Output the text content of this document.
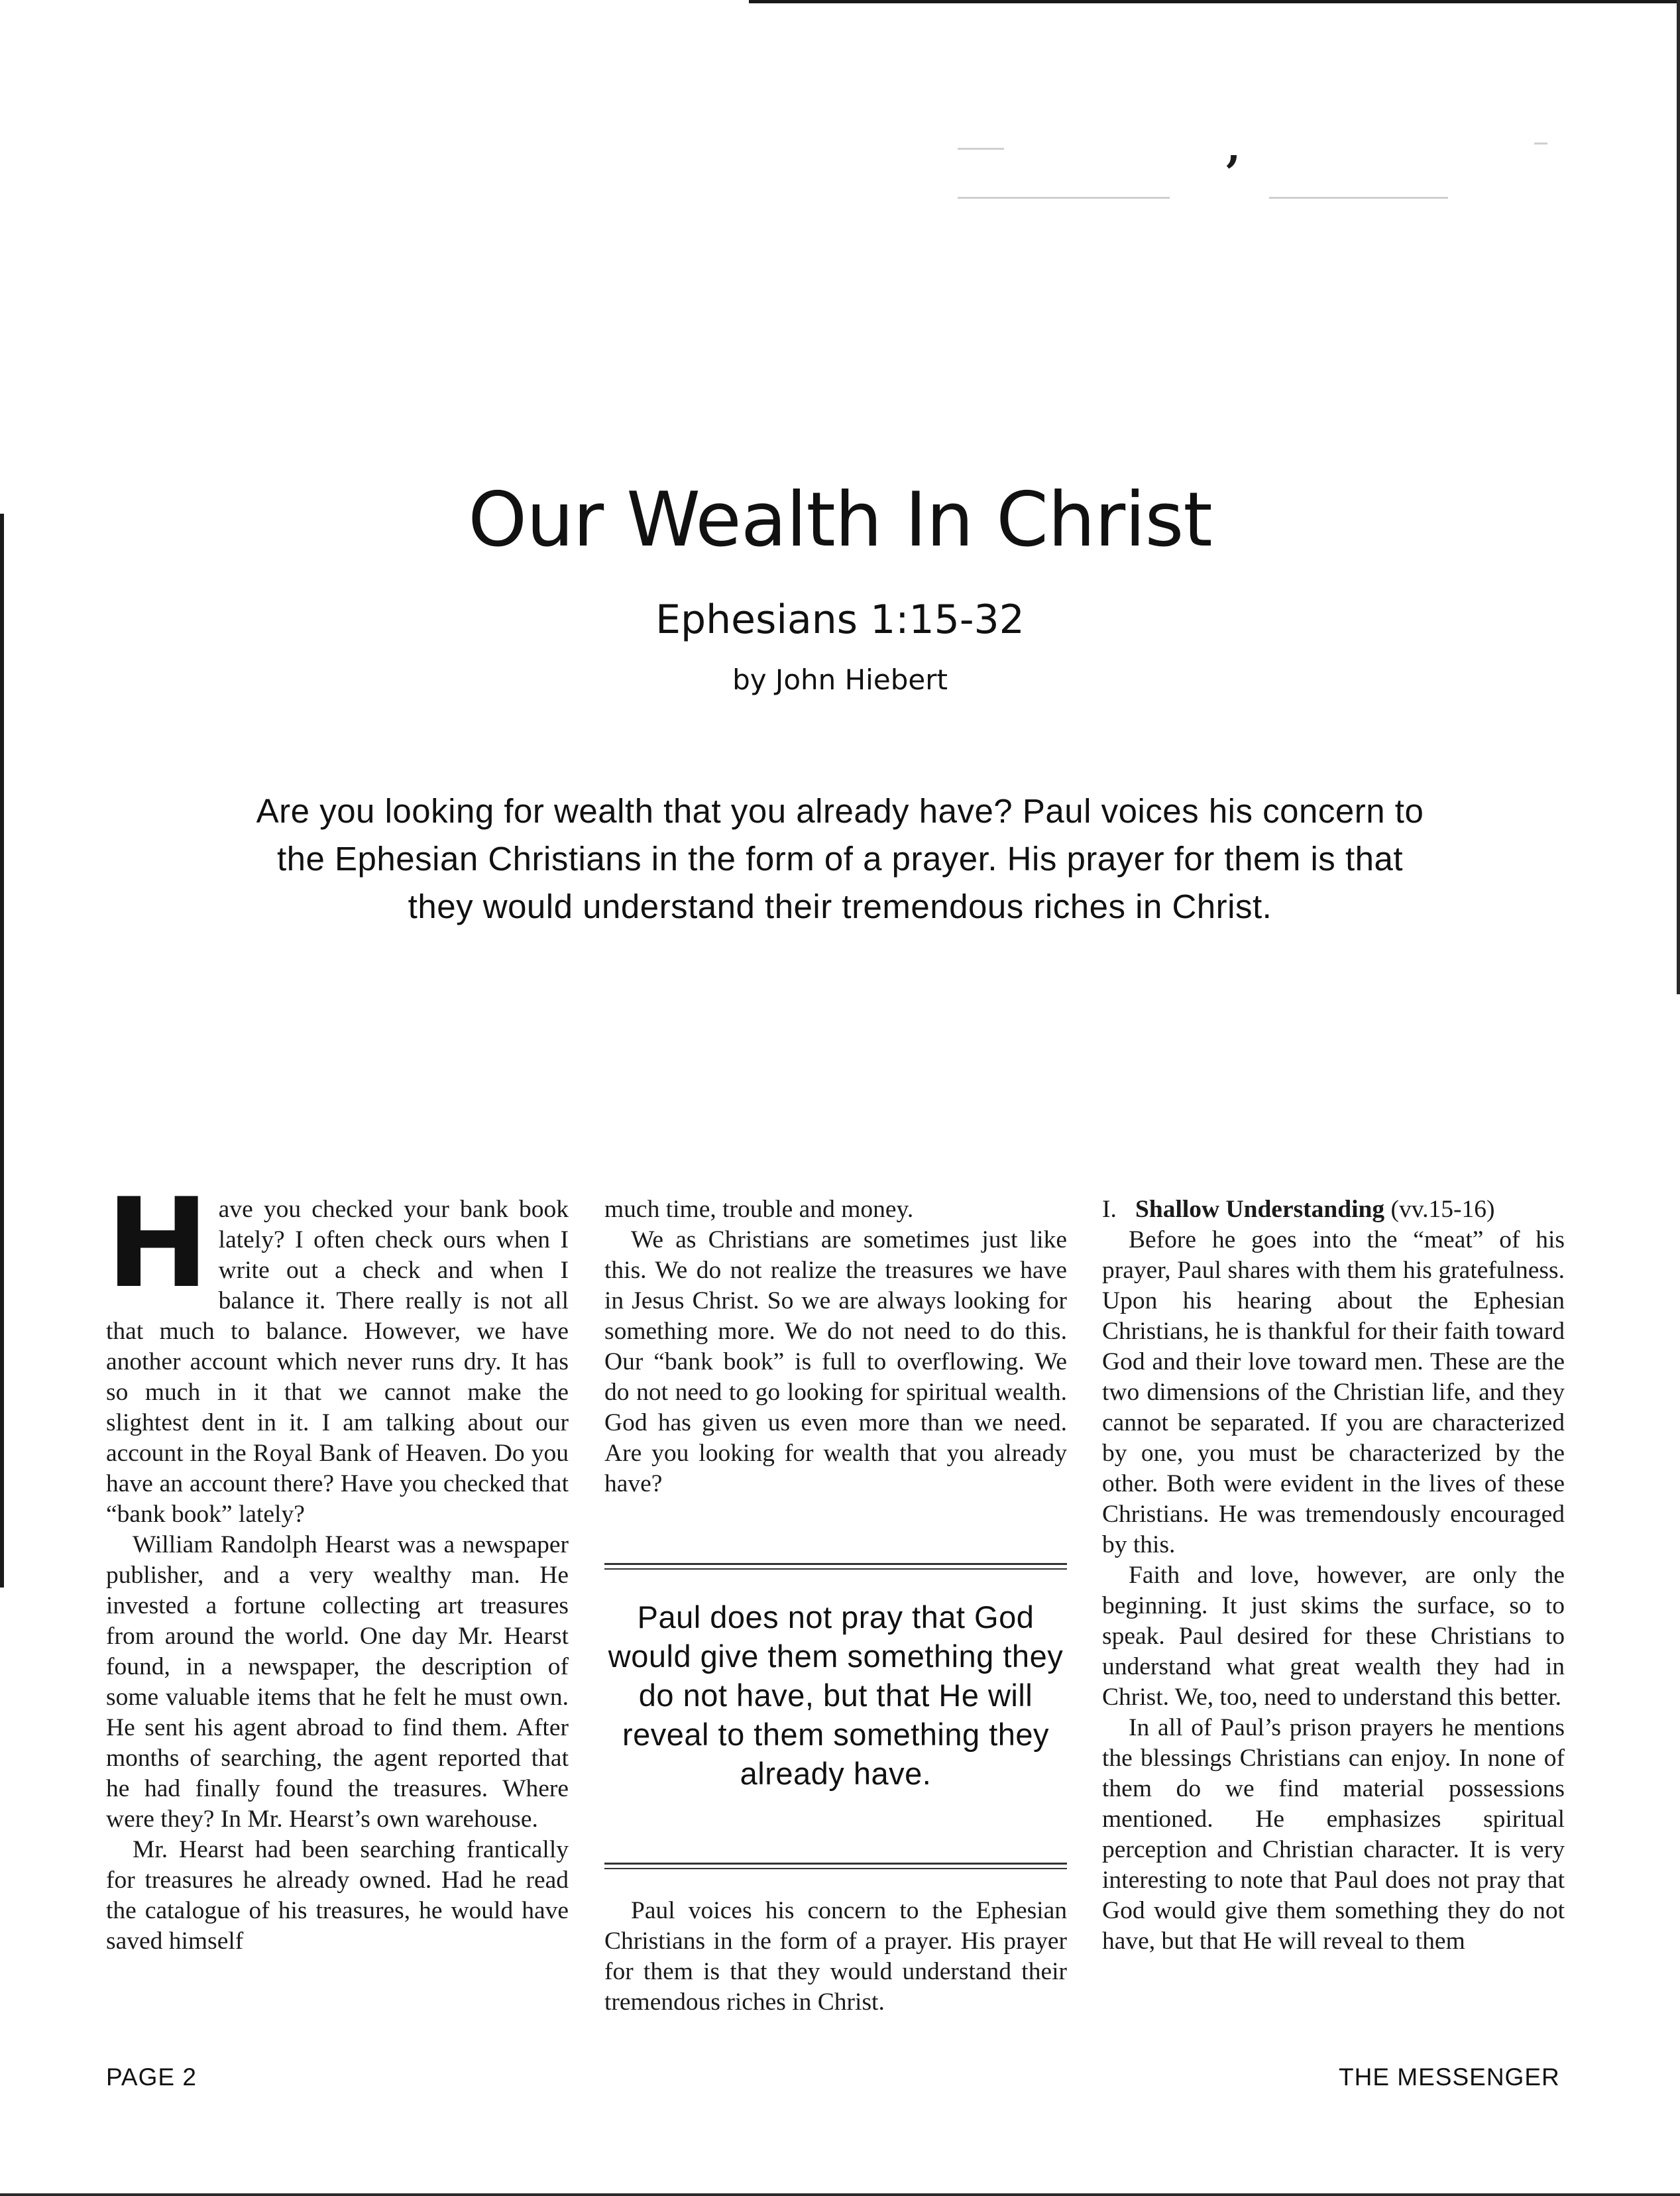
,
Our Wealth In Christ
Ephesians 1:15-32
by John Hiebert
Are you looking for wealth that you already have? Paul voices his concern to the Ephesian Christians in the form of a prayer. His prayer for them is that they would understand their tremendous riches in Christ.

Have you checked your bank book lately? I often check ours when I write out a check and when I balance it. There really is not all that much to balance. However, we have another account which never runs dry. It has so much in it that we cannot make the slightest dent in it. I am talking about our account in the Royal Bank of Heaven. Do you have an account there? Have you checked that “bank book” lately?

William Randolph Hearst was a newspaper publisher, and a very wealthy man. He invested a fortune collecting art treasures from around the world. One day Mr. Hearst found, in a newspaper, the description of some valuable items that he felt he must own. He sent his agent abroad to find them. After months of searching, the agent reported that he had finally found the treasures. Where were they? In Mr. Hearst’s own warehouse.

Mr. Hearst had been searching frantically for treasures he already owned. Had he read the catalogue of his treasures, he would have saved himself

much time, trouble and money.

We as Christians are sometimes just like this. We do not realize the treasures we have in Jesus Christ. So we are always looking for something more. We do not need to do this. Our “bank book” is full to overflowing. We do not need to go looking for spiritual wealth. God has given us even more than we need. Are you looking for wealth that you already have?

Paul does not pray that God would give them something they do not have, but that He will reveal to them something they already have.

Paul voices his concern to the Ephesian Christians in the form of a prayer. His prayer for them is that they would understand their tremendous riches in Christ.

I. Shallow Understanding (vv.15-16)

Before he goes into the “meat” of his prayer, Paul shares with them his gratefulness. Upon his hearing about the Ephesian Christians, he is thankful for their faith toward God and their love toward men. These are the two dimensions of the Christian life, and they cannot be separated. If you are characterized by one, you must be characterized by the other. Both were evident in the lives of these Christians. He was tremendously encouraged by this.

Faith and love, however, are only the beginning. It just skims the surface, so to speak. Paul desired for these Christians to understand what great wealth they had in Christ. We, too, need to understand this better.

In all of Paul’s prison prayers he mentions the blessings Christians can enjoy. In none of them do we find material possessions mentioned. He emphasizes spiritual perception and Christian character. It is very interesting to note that Paul does not pray that God would give them something they do not have, but that He will reveal to them

PAGE 2	THE MESSENGER
